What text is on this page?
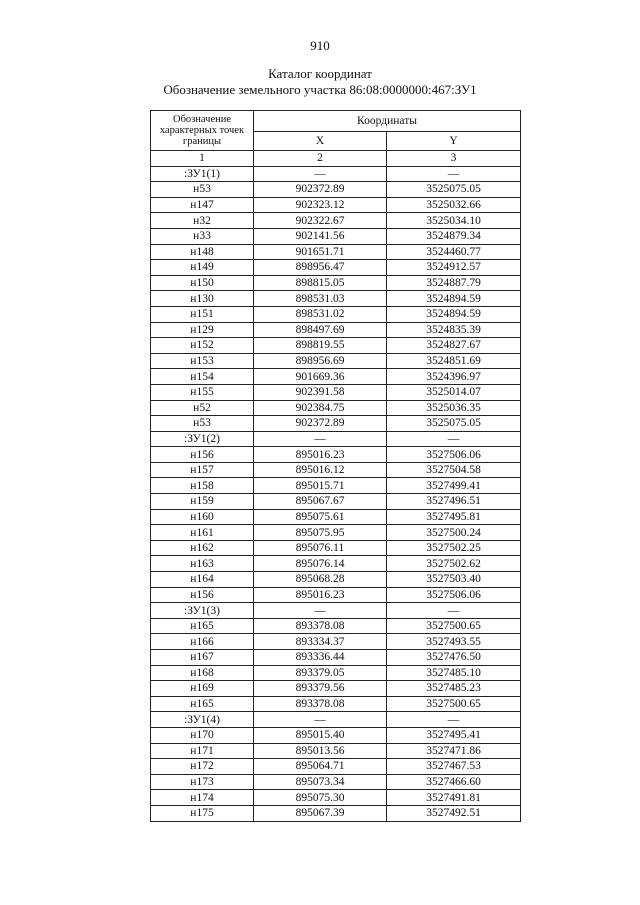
910
Каталог координат
Обозначение земельного участка 86:08:0000000:467:ЗУ1
Обозначение характерных точек границы	Координаты	
	X	Y
1	2	3
:ЗУ1(1)	—	—
н53	902372.89	3525075.05
н147	902323.12	3525032.66
н32	902322.67	3525034.10
н33	902141.56	3524879.34
н148	901651.71	3524460.77
н149	898956.47	3524912.57
н150	898815.05	3524887.79
н130	898531.03	3524894.59
н151	898531.02	3524894.59
н129	898497.69	3524835.39
н152	898819.55	3524827.67
н153	898956.69	3524851.69
н154	901669.36	3524396.97
н155	902391.58	3525014.07
н52	902384.75	3525036.35
н53	902372.89	3525075.05
:ЗУ1(2)	—	—
н156	895016.23	3527506.06
н157	895016.12	3527504.58
н158	895015.71	3527499.41
н159	895067.67	3527496.51
н160	895075.61	3527495.81
н161	895075.95	3527500.24
н162	895076.11	3527502.25
н163	895076.14	3527502.62
н164	895068.28	3527503.40
н156	895016.23	3527506.06
:ЗУ1(3)	—	—
н165	893378.08	3527500.65
н166	893334.37	3527493.55
н167	893336.44	3527476.50
н168	893379.05	3527485.10
н169	893379.56	3527485.23
н165	893378.08	3527500.65
:ЗУ1(4)	—	—
н170	895015.40	3527495.41
н171	895013.56	3527471.86
н172	895064.71	3527467.53
н173	895073.34	3527466.60
н174	895075.30	3527491.81
н175	895067.39	3527492.51
